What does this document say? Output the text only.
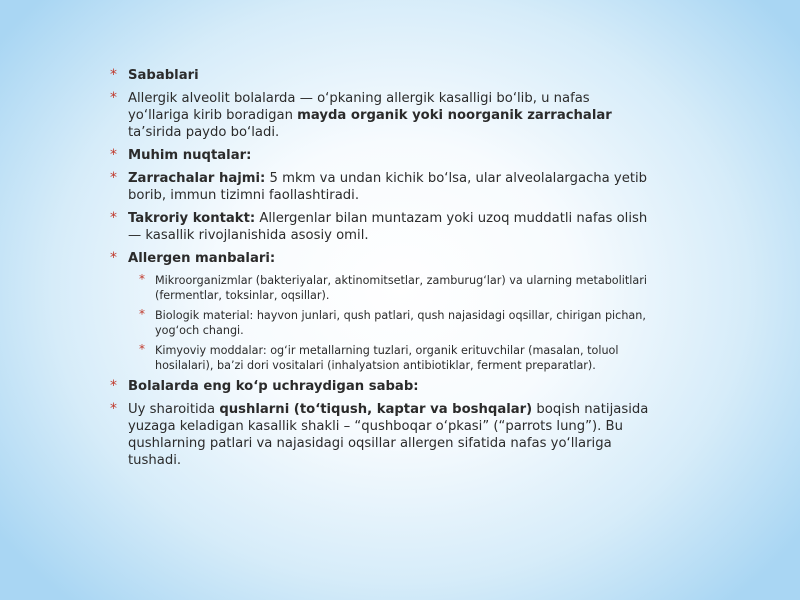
* Sabablari
* Allergik alveolit bolalarda — o‘pkaning allergik kasalligi bo‘lib, u nafas yo‘llariga kirib boradigan mayda organik yoki noorganik zarrachalar ta’sirida paydo bo‘ladi.
* Muhim nuqtalar:
* Zarrachalar hajmi: 5 mkm va undan kichik bo‘lsa, ular alveolalargacha yetib borib, immun tizimni faollashtiradi.
* Takroriy kontakt: Allergenlar bilan muntazam yoki uzoq muddatli nafas olish — kasallik rivojlanishida asosiy omil.
* Allergen manbalari:
* Mikroorganizmlar (bakteriyalar, aktinomitsetlar, zamburug‘lar) va ularning metabolitlari (fermentlar, toksinlar, oqsillar).
* Biologik material: hayvon junlari, qush patlari, qush najasidagi oqsillar, chirigan pichan, yog‘och changi.
* Kimyoviy moddalar: og‘ir metallarning tuzlari, organik erituvchilar (masalan, toluol hosilalari), ba’zi dori vositalari (inhalyatsion antibiotiklar, ferment preparatlar).
* Bolalarda eng ko‘p uchraydigan sabab:
* Uy sharoitida qushlarni (to‘tiqush, kaptar va boshqalar) boqish natijasida yuzaga keladigan kasallik shakli – “qushboqar o‘pkasi” (“parrots lung”). Bu qushlarning patlari va najasidagi oqsillar allergen sifatida nafas yo‘llariga tushadi.
